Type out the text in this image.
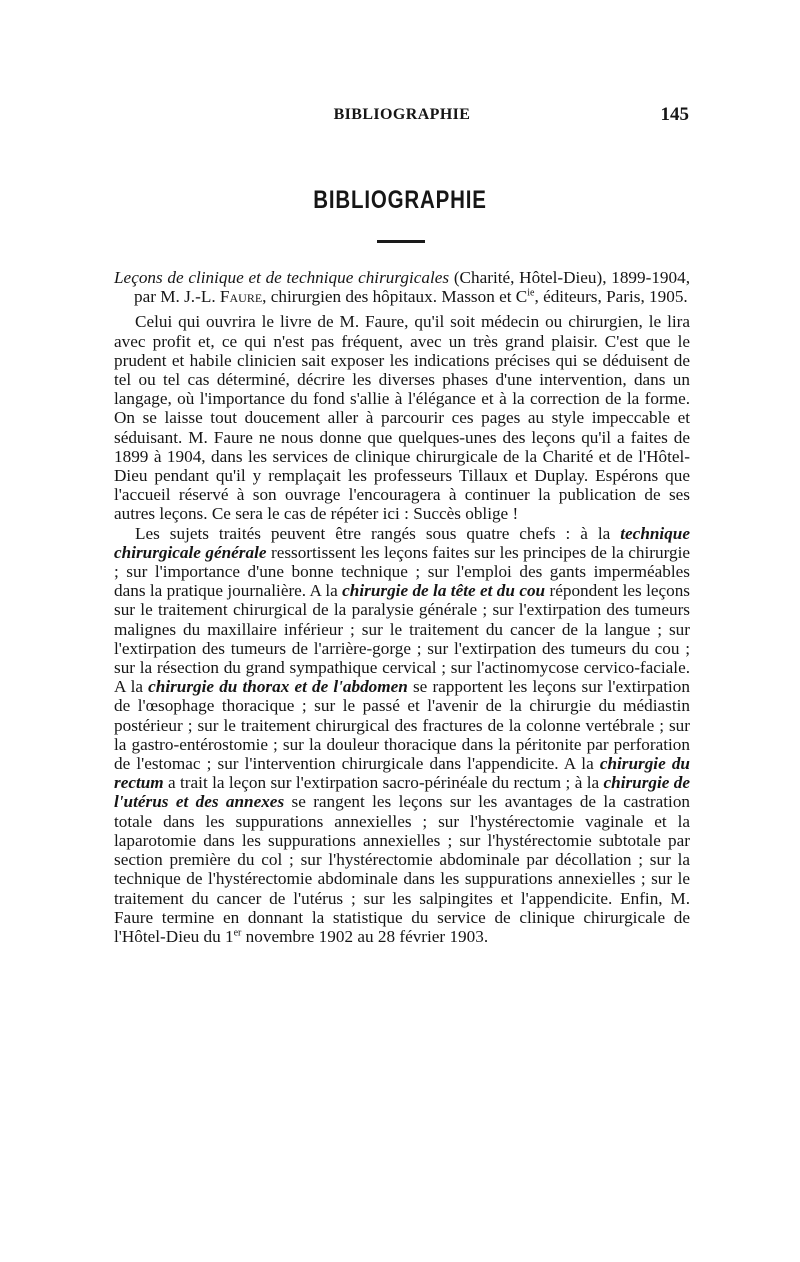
BIBLIOGRAPHIE	145
BIBLIOGRAPHIE

Leçons de clinique et de technique chirurgicales (Charité, Hôtel-Dieu), 1899-1904, par M. J.-L. Faure, chirurgien des hôpitaux. Masson et $C^{ie}$, éditeurs, Paris, 1905.

Celui qui ouvrira le livre de M. Faure, qu'il soit médecin ou chirurgien, le lira avec profit et, ce qui n'est pas fréquent, avec un très grand plaisir. C'est que le prudent et habile clinicien sait exposer les indications précises qui se déduisent de tel ou tel cas déterminé, décrire les diverses phases d'une intervention, dans un langage, où l'importance du fond s'allie à l'élégance et à la correction de la forme. On se laisse tout doucement aller à parcourir ces pages au style impeccable et séduisant. M. Faure ne nous donne que quelques-unes des leçons qu'il a faites de 1899 à 1904, dans les services de clinique chirurgicale de la Charité et de l'Hôtel-Dieu pendant qu'il y remplaçait les professeurs Tillaux et Duplay. Espérons que l'accueil réservé à son ouvrage l'encouragera à continuer la publication de ses autres leçons. Ce sera le cas de répéter ici : Succès oblige !

Les sujets traités peuvent être rangés sous quatre chefs : à la technique chirurgicale générale ressortissent les leçons faites sur les principes de la chirurgie ; sur l'importance d'une bonne technique ; sur l'emploi des gants imperméables dans la pratique journalière. A la chirurgie de la tête et du cou répondent les leçons sur le traitement chirurgical de la paralysie générale ; sur l'extirpation des tumeurs malignes du maxillaire inférieur ; sur le traitement du cancer de la langue ; sur l'extirpation des tumeurs de l'arrière-gorge ; sur l'extirpation des tumeurs du cou ; sur la résection du grand sympathique cervical ; sur l'actinomycose cervico-faciale. A la chirurgie du thorax et de l'abdomen se rapportent les leçons sur l'extirpation de l'œsophage thoracique ; sur le passé et l'avenir de la chirurgie du médiastin postérieur ; sur le traitement chirurgical des fractures de la colonne vertébrale ; sur la gastro-entérostomie ; sur la douleur thoracique dans la péritonite par perforation de l'estomac ; sur l'intervention chirurgicale dans l'appendicite. A la chirurgie du rectum a trait la leçon sur l'extirpation sacro-périnéale du rectum ; à la chirurgie de l'utérus et des annexes se rangent les leçons sur les avantages de la castration totale dans les suppurations annexielles ; sur l'hystérectomie vaginale et la laparotomie dans les suppurations annexielles ; sur l'hystérectomie subtotale par section première du col ; sur l'hystérectomie abdominale par décollation ; sur la technique de l'hystérectomie abdominale dans les suppurations annexielles ; sur le traitement du cancer de l'utérus ; sur les salpingites et l'appendicite. Enfin, M. Faure termine en donnant la statistique du service de clinique chirurgicale de l'Hôtel-Dieu du 1er novembre 1902 au 28 février 1903.
